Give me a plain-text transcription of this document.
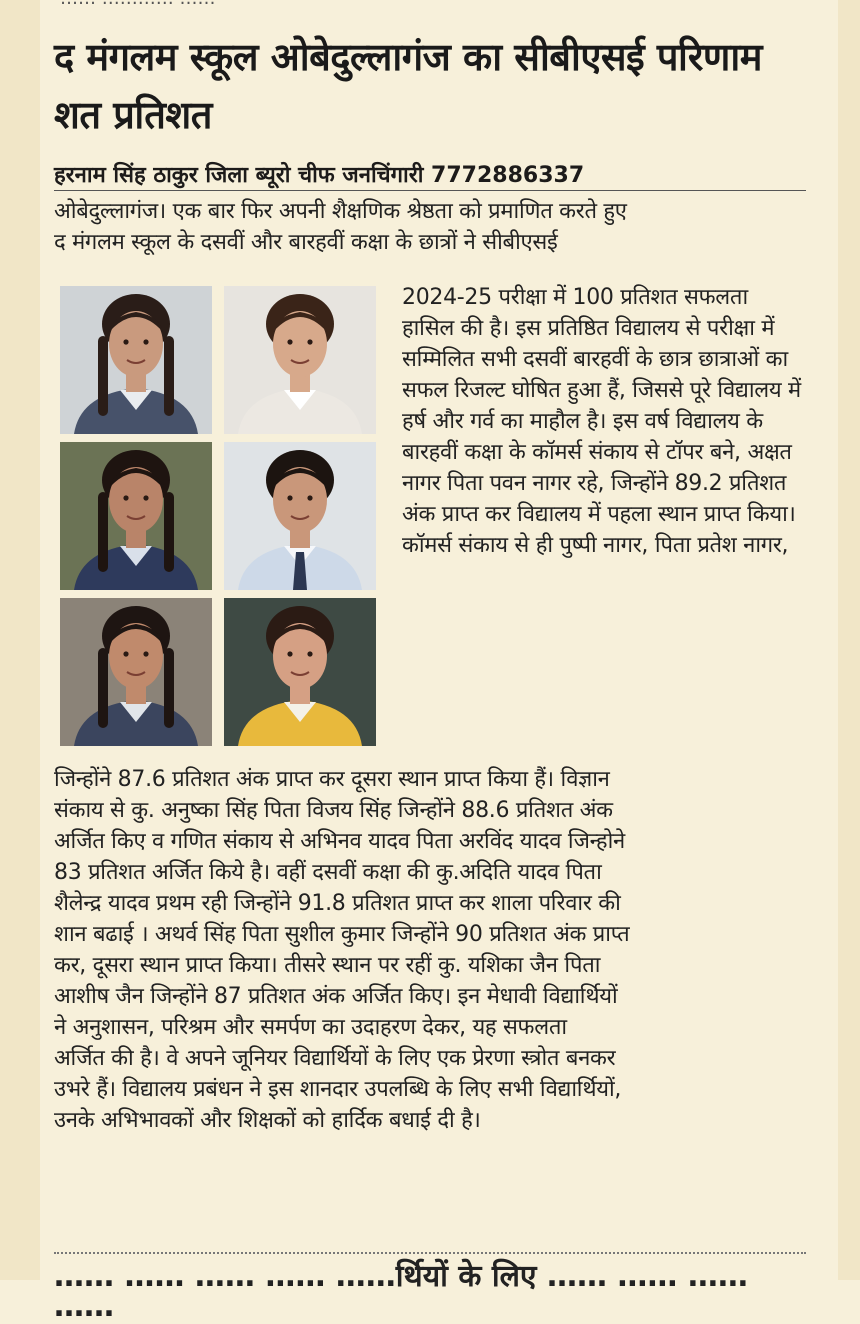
द मंगलम स्कूल ओबेदुल्लागंज का सीबीएसई परिणाम शत प्रतिशत
हरनाम सिंह ठाकुर जिला ब्यूरो चीफ जनचिंगारी 7772886337
ओबेदुल्लागंज। एक बार फिर अपनी शैक्षणिक श्रेष्ठता को प्रमाणित करते हुए
द मंगलम स्कूल के दसवीं और बारहवीं कक्षा के छात्रों ने सीबीएसई

2024-25 परीक्षा में 100 प्रतिशत सफलता हासिल की है। इस प्रतिष्ठित विद्यालय से परीक्षा में सम्मिलित सभी दसवीं बारहवीं के छात्र छात्राओं का सफल रिजल्ट घोषित हुआ हैं, जिससे पूरे विद्यालय में हर्ष और गर्व का माहौल है। इस वर्ष विद्यालय के बारहवीं कक्षा के कॉमर्स संकाय से टॉपर बने, अक्षत नागर पिता पवन नागर रहे, जिन्होंने 89.2 प्रतिशत अंक प्राप्त कर विद्यालय में पहला स्थान प्राप्त किया। कॉमर्स संकाय से ही पुष्पी नागर, पिता प्रतेश नागर,

जिन्होंने 87.6 प्रतिशत अंक प्राप्त कर दूसरा स्थान प्राप्त किया हैं। विज्ञान
संकाय से कु. अनुष्का सिंह पिता विजय सिंह जिन्होंने 88.6 प्रतिशत अंक
अर्जित किए व गणित संकाय से अभिनव यादव पिता अरविंद यादव जिन्होने
83 प्रतिशत अर्जित किये है। वहीं दसवीं कक्षा की कु.अदिति यादव पिता
शैलेन्द्र यादव प्रथम रही जिन्होंने 91.8 प्रतिशत प्राप्त कर शाला परिवार की
शान बढाई । अथर्व सिंह पिता सुशील कुमार जिन्होंने 90 प्रतिशत अंक प्राप्त
कर, दूसरा स्थान प्राप्त किया। तीसरे स्थान पर रहीं कु. यशिका जैन पिता
आशीष जैन जिन्होंने 87 प्रतिशत अंक अर्जित किए। इन मेधावी विद्यार्थियों
ने अनुशासन, परिश्रम और समर्पण का उदाहरण देकर, यह सफलता
अर्जित की है। वे अपने जूनियर विद्यार्थियों के लिए एक प्रेरणा स्त्रोत बनकर
उभरे हैं। विद्यालय प्रबंधन ने इस शानदार उपलब्धि के लिए सभी विद्यार्थियों,
उनके अभिभावकों और शिक्षकों को हार्दिक बधाई दी है।
…… …… …… …… ……र्थियों के लिए …… …… …… ……
